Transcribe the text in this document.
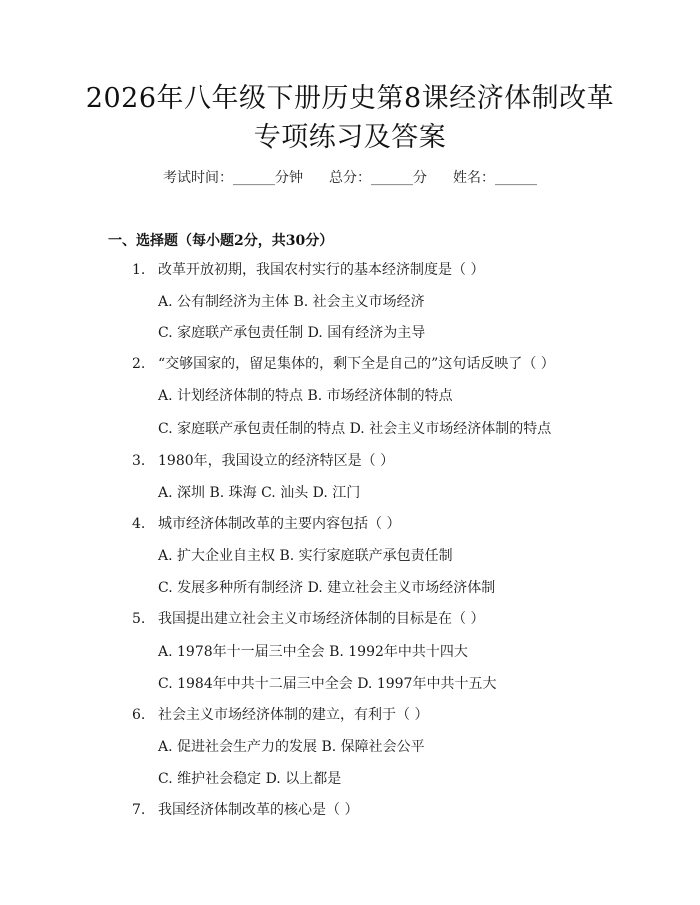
2026年八年级下册历史第8课经济体制改革
专项练习及答案
考试时间：______分钟 总分：______分 姓名：______
一、选择题（每小题2分，共30分）
1. 改革开放初期，我国农村实行的基本经济制度是（ ）
A. 公有制经济为主体 B. 社会主义市场经济
C. 家庭联产承包责任制 D. 国有经济为主导
2. “交够国家的，留足集体的，剩下全是自己的”这句话反映了（ ）
A. 计划经济体制的特点 B. 市场经济体制的特点
C. 家庭联产承包责任制的特点 D. 社会主义市场经济体制的特点
3. 1980年，我国设立的经济特区是（ ）
A. 深圳 B. 珠海 C. 汕头 D. 江门
4. 城市经济体制改革的主要内容包括（ ）
A. 扩大企业自主权 B. 实行家庭联产承包责任制
C. 发展多种所有制经济 D. 建立社会主义市场经济体制
5. 我国提出建立社会主义市场经济体制的目标是在（ ）
A. 1978年十一届三中全会 B. 1992年中共十四大
C. 1984年中共十二届三中全会 D. 1997年中共十五大
6. 社会主义市场经济体制的建立，有利于（ ）
A. 促进社会生产力的发展 B. 保障社会公平
C. 维护社会稳定 D. 以上都是
7. 我国经济体制改革的核心是（ ）
